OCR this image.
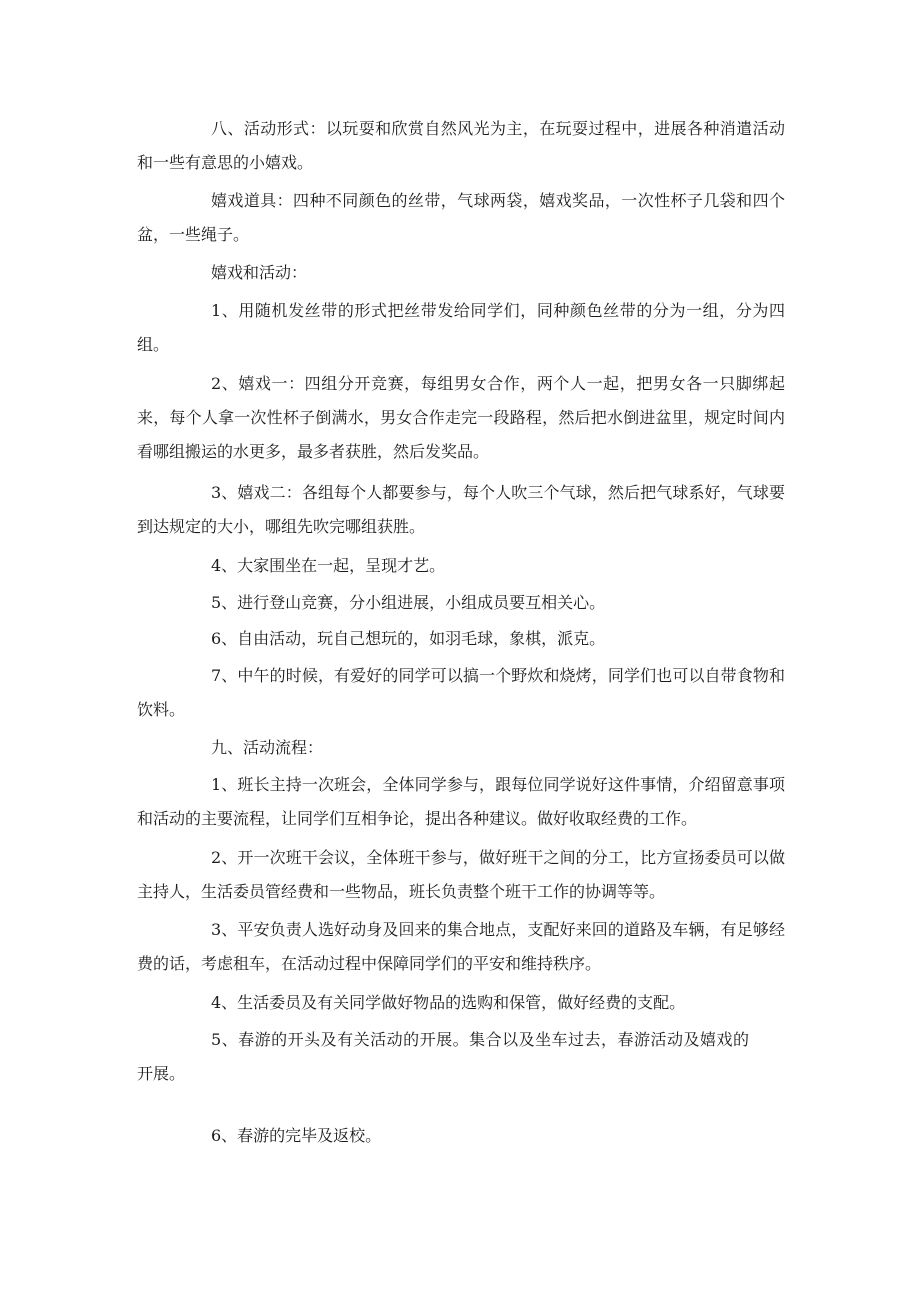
八、活动形式：以玩耍和欣赏自然风光为主，在玩耍过程中，进展各种消遣活动和一些有意思的小嬉戏。

嬉戏道具：四种不同颜色的丝带，气球两袋，嬉戏奖品，一次性杯子几袋和四个盆，一些绳子。

嬉戏和活动：

1、用随机发丝带的形式把丝带发给同学们，同种颜色丝带的分为一组，分为四组。

2、嬉戏一：四组分开竞赛，每组男女合作，两个人一起，把男女各一只脚绑起来，每个人拿一次性杯子倒满水，男女合作走完一段路程，然后把水倒进盆里，规定时间内看哪组搬运的水更多，最多者获胜，然后发奖品。

3、嬉戏二：各组每个人都要参与，每个人吹三个气球，然后把气球系好，气球要到达规定的大小，哪组先吹完哪组获胜。

4、大家围坐在一起，呈现才艺。

5、进行登山竞赛，分小组进展，小组成员要互相关心。

6、自由活动，玩自己想玩的，如羽毛球，象棋，派克。

7、中午的时候，有爱好的同学可以搞一个野炊和烧烤，同学们也可以自带食物和饮料。

九、活动流程：

1、班长主持一次班会，全体同学参与，跟每位同学说好这件事情，介绍留意事项和活动的主要流程，让同学们互相争论，提出各种建议。做好收取经费的工作。

2、开一次班干会议，全体班干参与，做好班干之间的分工，比方宣扬委员可以做主持人，生活委员管经费和一些物品，班长负责整个班干工作的协调等等。

3、平安负责人选好动身及回来的集合地点，支配好来回的道路及车辆，有足够经费的话，考虑租车，在活动过程中保障同学们的平安和维持秩序。

4、生活委员及有关同学做好物品的选购和保管，做好经费的支配。

5、春游的开头及有关活动的开展。集合以及坐车过去，春游活动及嬉戏的开展。

6、春游的完毕及返校。
